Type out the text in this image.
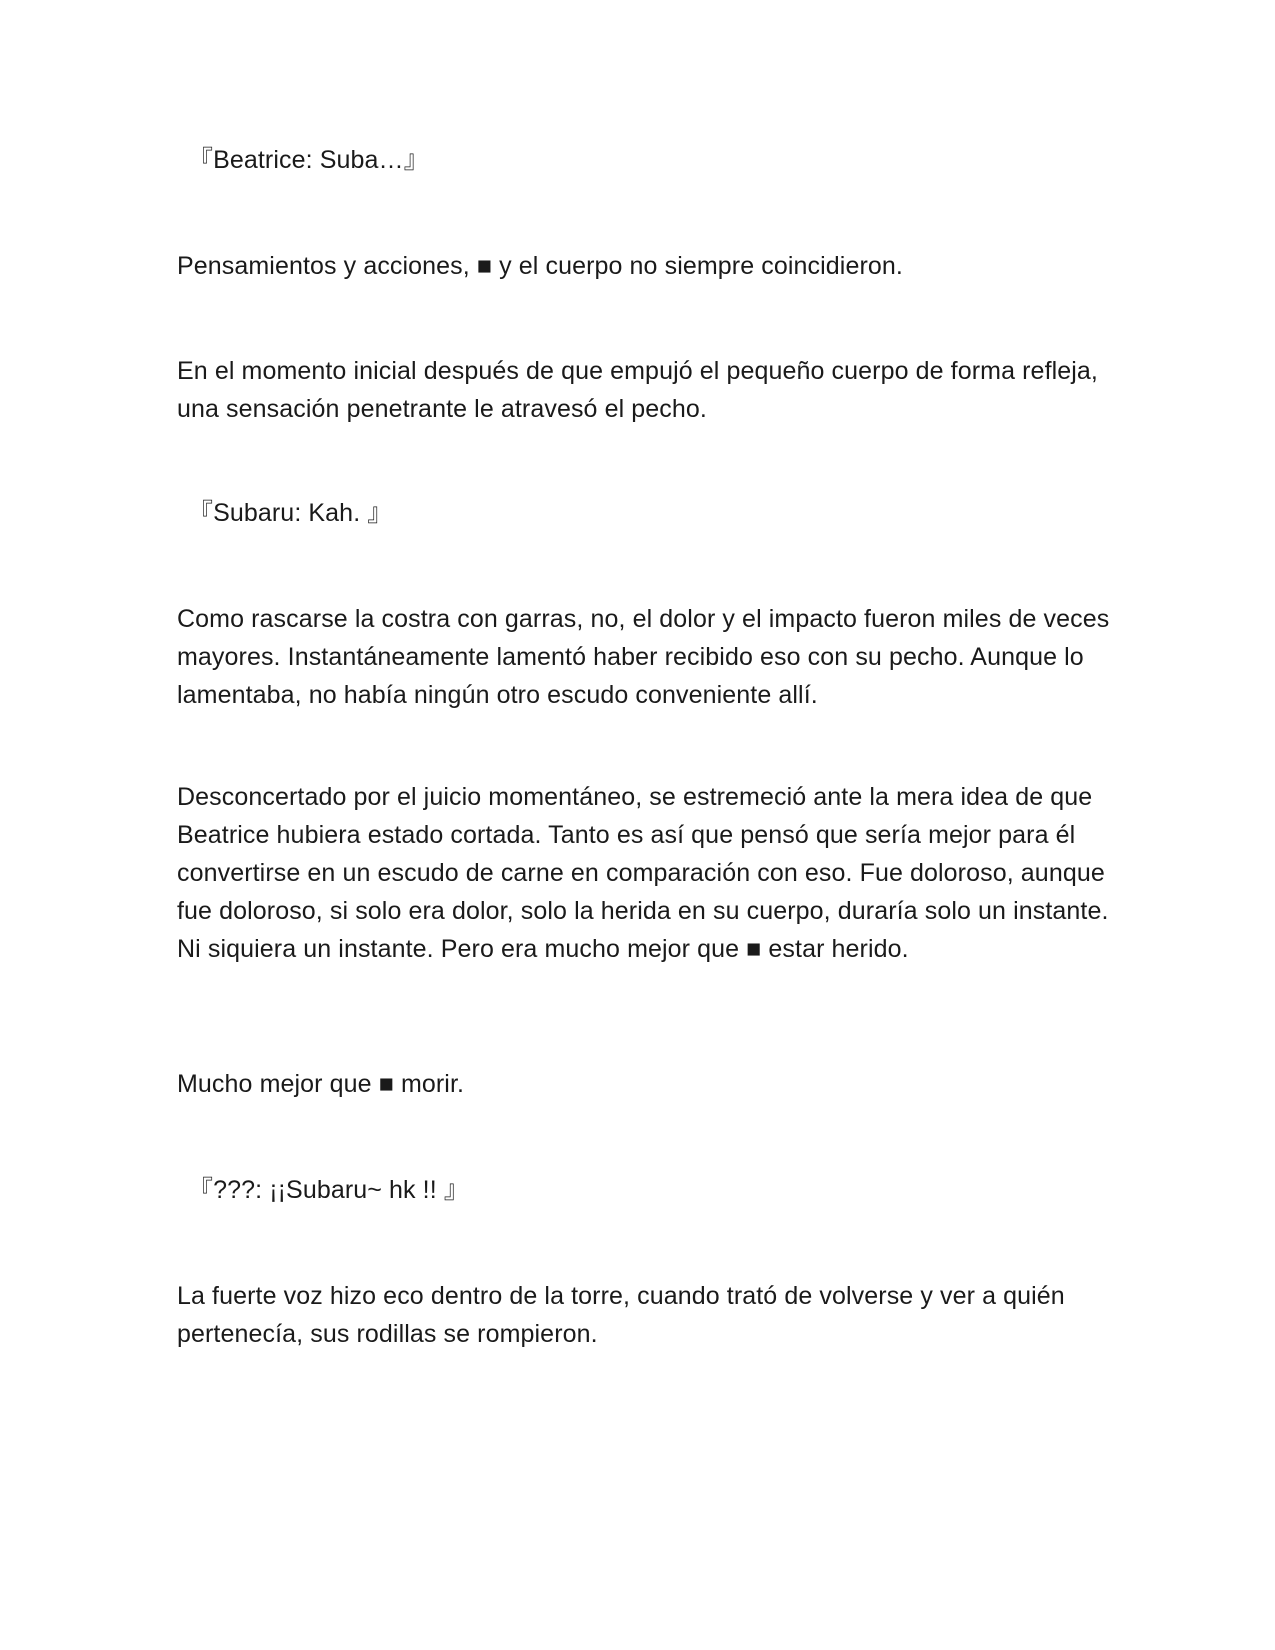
『Beatrice: Suba…』

Pensamientos y acciones, ■ y el cuerpo no siempre coincidieron.

En el momento inicial después de que empujó el pequeño cuerpo de forma refleja, una sensación penetrante le atravesó el pecho.

『Subaru: Kah. 』

Como rascarse la costra con garras, no, el dolor y el impacto fueron miles de veces mayores. Instantáneamente lamentó haber recibido eso con su pecho. Aunque lo lamentaba, no había ningún otro escudo conveniente allí.

Desconcertado por el juicio momentáneo, se estremeció ante la mera idea de que Beatrice hubiera estado cortada. Tanto es así que pensó que sería mejor para él convertirse en un escudo de carne en comparación con eso. Fue doloroso, aunque fue doloroso, si solo era dolor, solo la herida en su cuerpo, duraría solo un instante. Ni siquiera un instante. Pero era mucho mejor que ■ estar herido.

Mucho mejor que ■ morir.

『???: ¡¡Subaru~ hk !! 』

La fuerte voz hizo eco dentro de la torre, cuando trató de volverse y ver a quién pertenecía, sus rodillas se rompieron.
